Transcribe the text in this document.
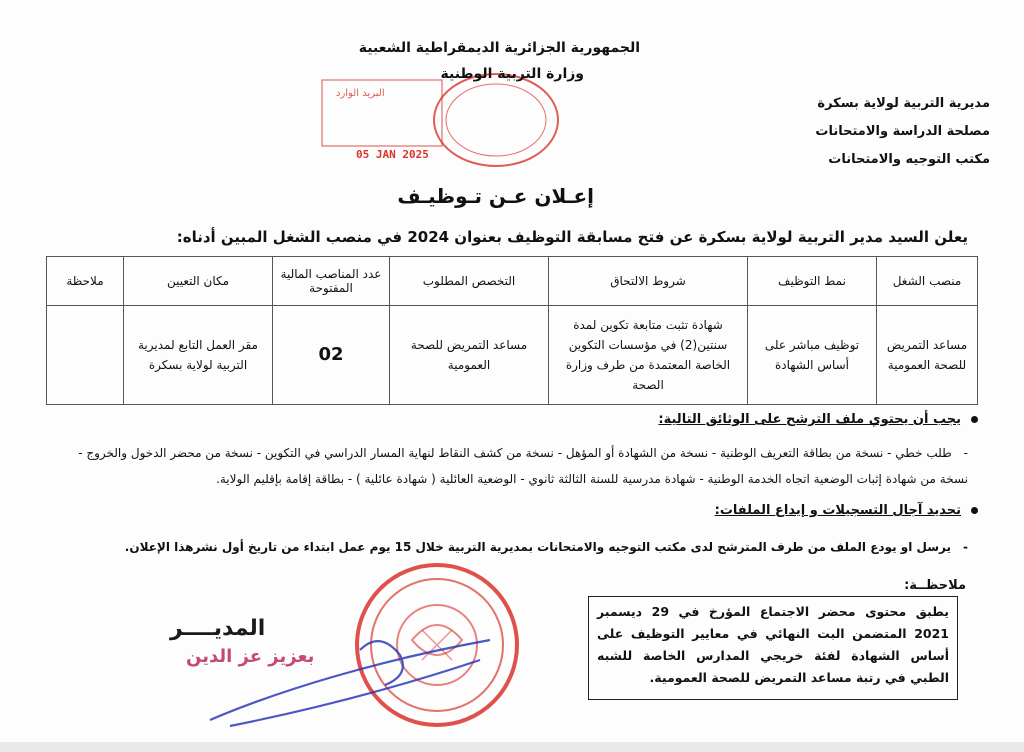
البريد الوارد
05 JAN 2025
الجمهورية الجزائرية الديمقراطية الشعبية
وزارة التربية الوطنية
مديرية التربية لولاية بسكرة
مصلحة الدراسة والامتحانات
مكتب التوجيه والامتحانات
إعـلان عـن تـوظيـف
يعلن السيد مدير التربية لولاية بسكرة عن فتح مسابقة التوظيف بعنوان 2024 في منصب الشغل المبين أدناه:
منصب الشغل	نمط التوظيف	شروط الالتحاق	التخصص المطلوب	عدد المناصب المالية المفتوحة	مكان التعيين	ملاحظة
مساعد التمريض للصحة العمومية	توظيف مباشر على أساس الشهادة	شهادة تثبت متابعة تكوين لمدة سنتين(2) في مؤسسات التكوين الخاصة المعتمدة من طرف وزارة الصحة	مساعد التمريض للصحة العمومية	02	مقر العمل التابع لمديرية التربية لولاية بسكرة	
يجب أن يحتوي ملف الترشح على الوثائق التالية:
-طلب خطي - نسخة من بطاقة التعريف الوطنية - نسخة من الشهادة أو المؤهل - نسخة من كشف النقاط لنهاية المسار الدراسي في التكوين - نسخة من محضر الدخول والخروج - نسخة من شهادة إثبات الوضعية اتجاه الخدمة الوطنية - شهادة مدرسية للسنة الثالثة ثانوي - الوضعية العائلية ( شهادة عائلية ) - بطاقة إقامة بإقليم الولاية.
تحديد آجال التسجيلات و إيداع الملفات:
-يرسل او يودع الملف من طرف المترشح لدى مكتب التوجيه والامتحانات بمديرية التربية خلال 15 يوم عمل ابتداء من تاريخ أول نشرهذا الإعلان.
ملاحظــة:
يطبق محتوى محضر الاجتماع المؤرخ في 29 ديسمبر 2021 المتضمن البت النهائي في معايير التوظيف على أساس الشهادة لفئة خريجي المدارس الخاصة للشبه الطبي في رتبة مساعد التمريض للصحة العمومية.
المديــــر
بعزيز عز الدين
